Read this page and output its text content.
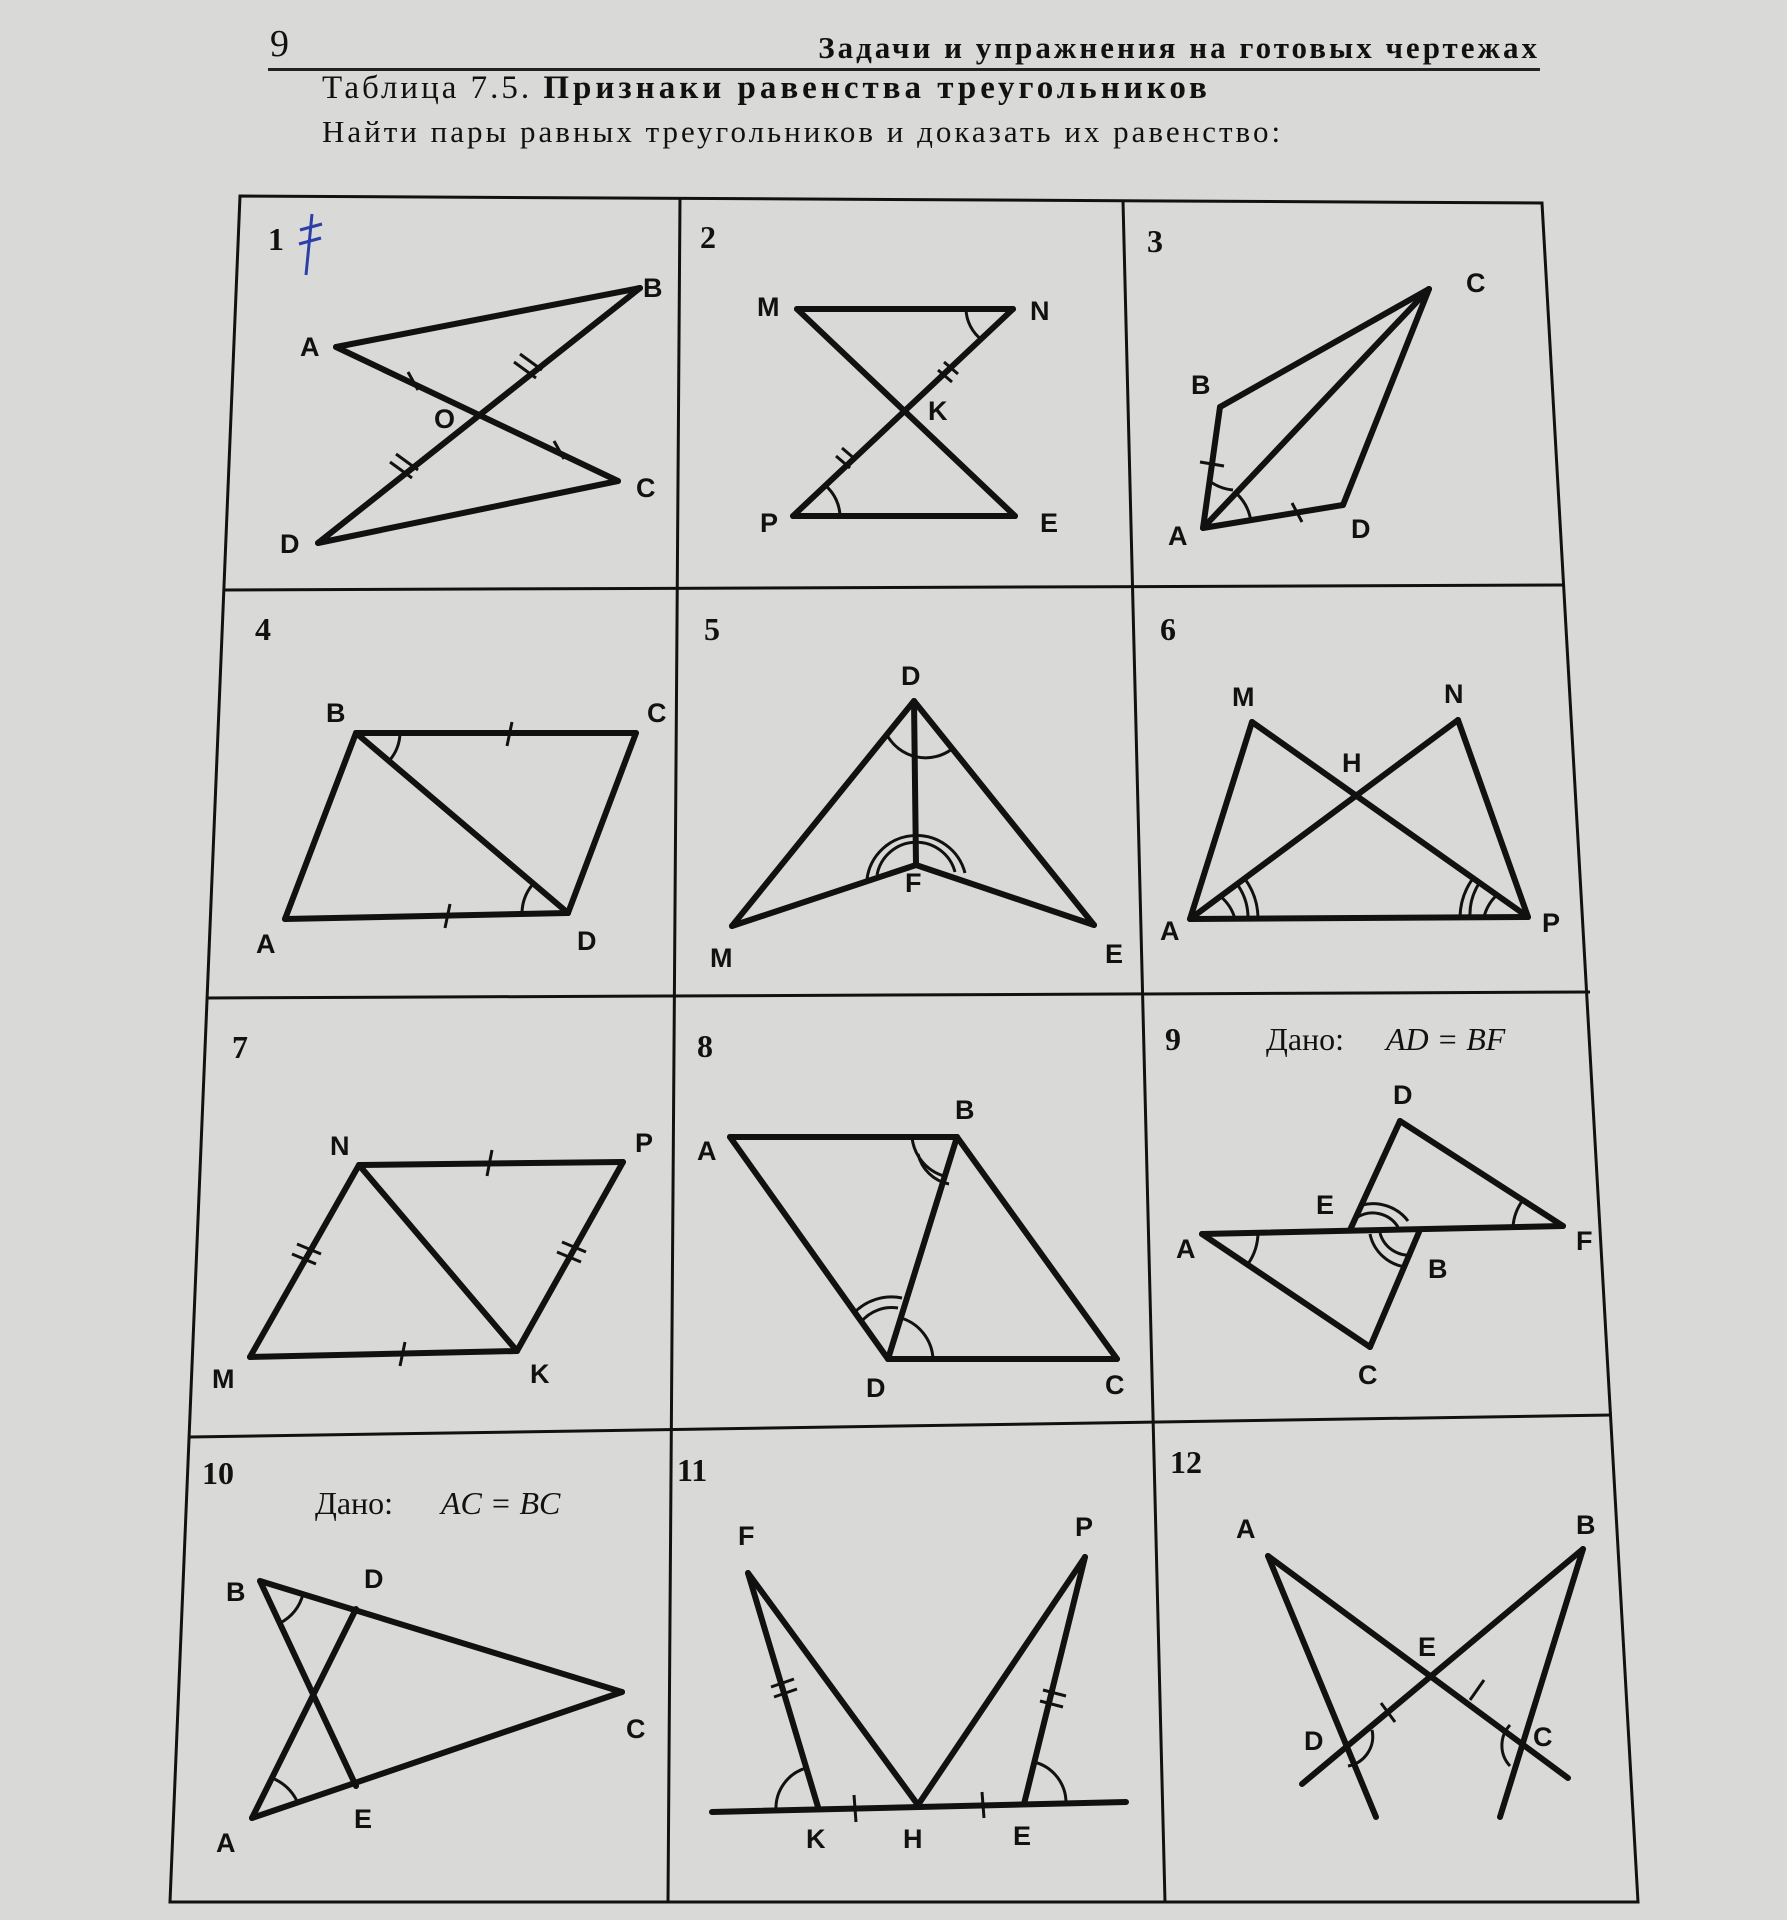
9	Задачи и упражнения на готовых чертежах
Таблица 7.5. Признаки равенства треугольников
Найти пары равных треугольников и доказать их равенство:
1
A
B
O
C
D
2
M	N
K
P	E
3
C
B
A	D
4
B	C
A	D
5
D
F
M	E
6
M	N
H
A	P
7
N	P
M	K
8
A
B
D	C
9	Дано: AD = BF
E
D
A	F
B
C
10
Дано: AC = BC
B	D
C
A
E
11
F	P
K	H	E
12
A	B
E
D	C
